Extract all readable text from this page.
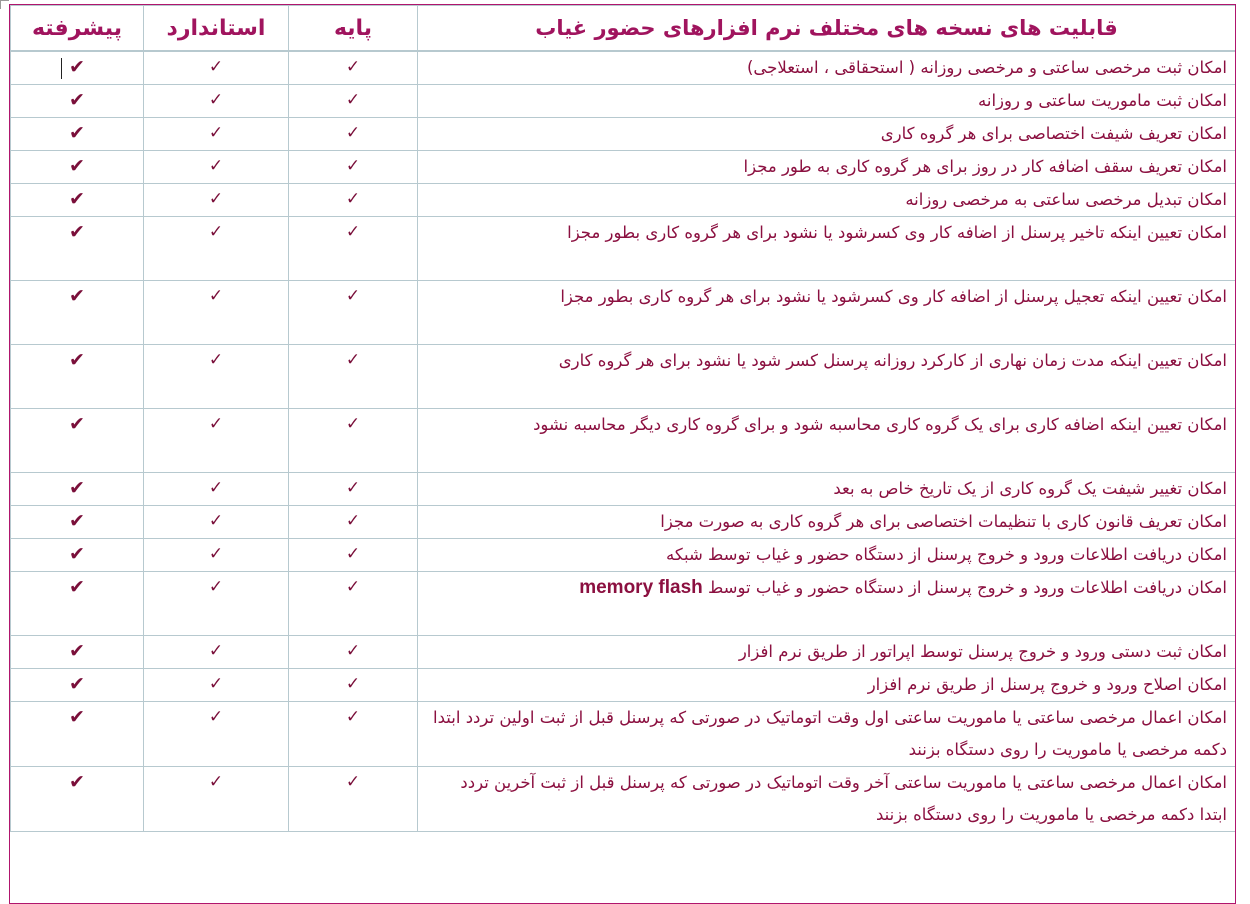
قابلیت های نسخه های مختلف نرم افزارهای حضور غیاب	پایه	استاندارد	پیشرفته
امکان ثبت مرخصی ساعتی و مرخصی روزانه ( استحقاقی ، استعلاجی)	✓	✓	✔
امکان ثبت ماموریت ساعتی و روزانه	✓	✓	✔
امکان تعریف شیفت اختصاصی برای هر گروه کاری	✓	✓	✔
امکان تعریف سقف اضافه کار در روز برای هر گروه کاری به طور مجزا	✓	✓	✔
امکان تبدیل مرخصی ساعتی به مرخصی روزانه	✓	✓	✔
امکان تعیین اینکه تاخیر پرسنل از اضافه کار وی کسرشود یا نشود برای هر گروه کاری بطور مجزا	✓	✓	✔
امکان تعیین اینکه تعجیل پرسنل از اضافه کار وی کسرشود یا نشود برای هر گروه کاری بطور مجزا	✓	✓	✔
امکان تعیین اینکه مدت زمان نهاری از کارکرد روزانه پرسنل کسر شود یا نشود برای هر گروه کاری	✓	✓	✔
امکان تعیین اینکه اضافه کاری برای یک گروه کاری محاسبه شود و برای گروه کاری دیگر محاسبه نشود	✓	✓	✔
امکان تغییر شیفت یک گروه کاری از یک تاریخ خاص به بعد	✓	✓	✔
امکان تعریف قانون کاری با تنظیمات اختصاصی برای هر گروه کاری به صورت مجزا	✓	✓	✔
امکان دریافت اطلاعات ورود و خروج پرسنل از دستگاه حضور و غیاب توسط شبکه	✓	✓	✔
امکان دریافت اطلاعات ورود و خروج پرسنل از دستگاه حضور و غیاب توسط memory flash	✓	✓	✔
امکان ثبت دستی ورود و خروج پرسنل توسط اپراتور از طریق نرم افزار	✓	✓	✔
امکان اصلاح ورود و خروج پرسنل از طریق نرم افزار	✓	✓	✔
امکان اعمال مرخصی ساعتی یا ماموریت ساعتی اول وقت اتوماتیک در صورتی که پرسنل قبل از ثبت اولین تردد ابتدا دکمه مرخصی یا ماموریت را روی دستگاه بزنند	✓	✓	✔
امکان اعمال مرخصی ساعتی یا ماموریت ساعتی آخر وقت اتوماتیک در صورتی که پرسنل قبل از ثبت آخرین تردد ابتدا دکمه مرخصی یا ماموریت را روی دستگاه بزنند	✓	✓	✔
